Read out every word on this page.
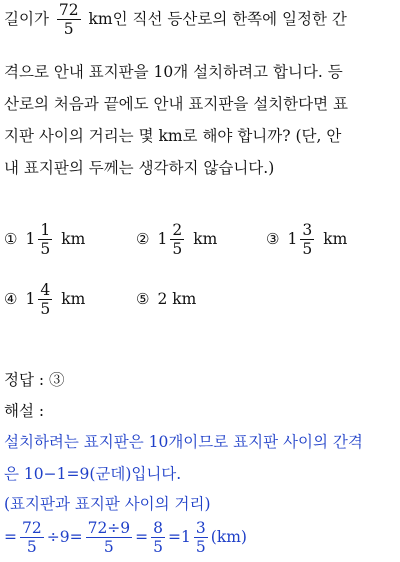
길이가 $\frac{72}{5}$ km인 직선 등산로의 한쪽에 일정한 간
격으로 안내 표지판을 10개 설치하려고 합니다. 등
산로의 처음과 끝에도 안내 표지판을 설치한다면 표
지판 사이의 거리는 몇 km로 해야 합니까? (단, 안
내 표지판의 두께는 생각하지 않습니다.)
① $1 \frac{1}{5}$ km	② $1 \frac{2}{5}$ km	③ $1 \frac{3}{5}$ km
④ $1 \frac{4}{5}$ km	⑤ 2 km
정답 : ③
해설 :
설치하려는 표지판은 10개이므로 표지판 사이의 간격
은 10−1=9(군데)입니다.
(표지판과 표지판 사이의 거리)
= $\frac{72}{5} \div 9= \frac{72\div 9}{5} = \frac{8}{5} =1 \frac{3}{5} (km)$
